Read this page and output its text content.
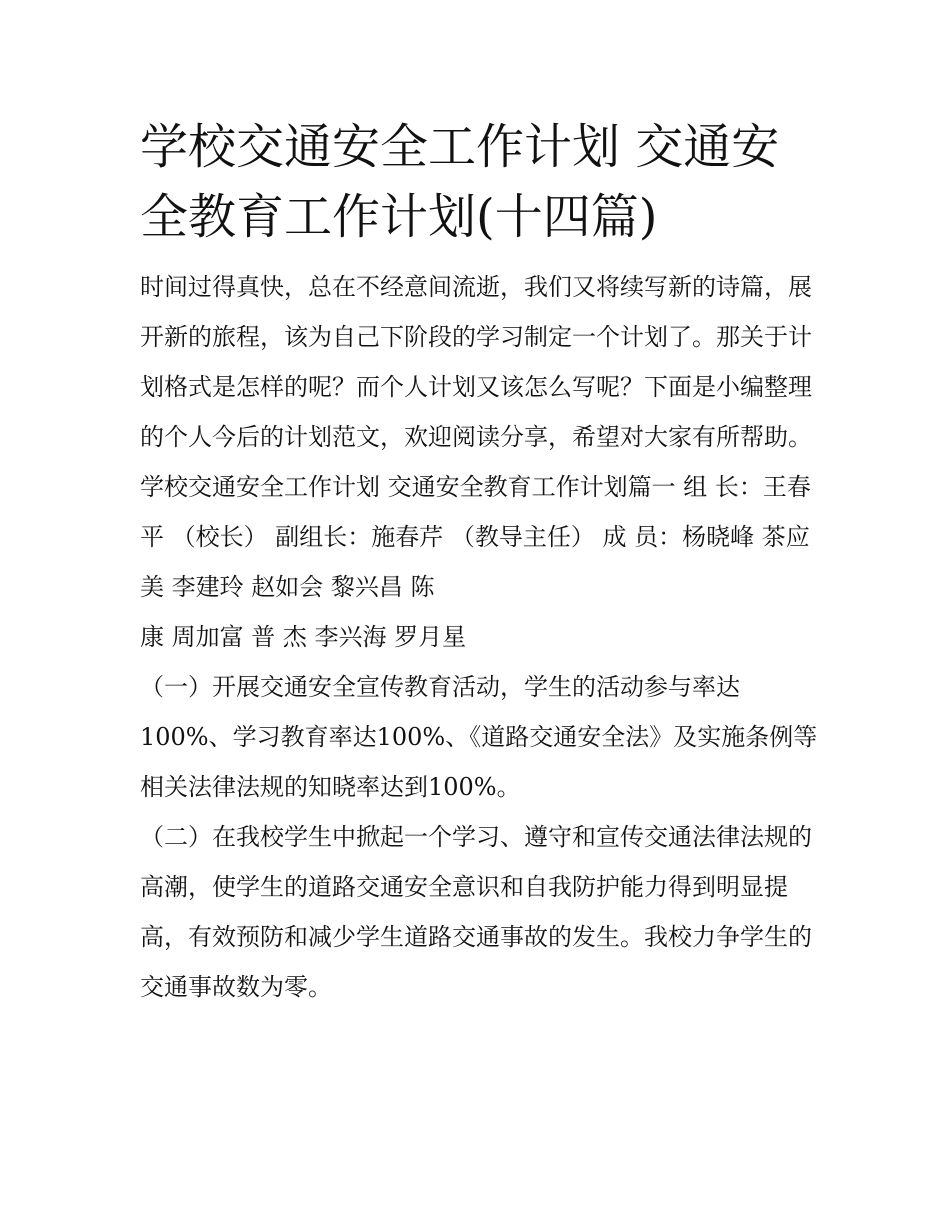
学校交通安全工作计划 交通安
全教育工作计划(十四篇)

时间过得真快，总在不经意间流逝，我们又将续写新的诗篇，展开新的旅程，该为自己下阶段的学习制定一个计划了。那关于计划格式是怎样的呢？而个人计划又该怎么写呢？下面是小编整理的个人今后的计划范文，欢迎阅读分享，希望对大家有所帮助。

学校交通安全工作计划 交通安全教育工作计划篇一 组 长：王春平 （校长） 副组长：施春芹 （教导主任） 成 员：杨晓峰 茶应美 李建玲 赵如会 黎兴昌 陈

康 周加富 普 杰 李兴海 罗月星

（一）开展交通安全宣传教育活动，学生的活动参与率达100%、学习教育率达100%、《道路交通安全法》及实施条例等相关法律法规的知晓率达到100%。

（二）在我校学生中掀起一个学习、遵守和宣传交通法律法规的高潮，使学生的道路交通安全意识和自我防护能力得到明显提高，有效预防和减少学生道路交通事故的发生。我校力争学生的交通事故数为零。
